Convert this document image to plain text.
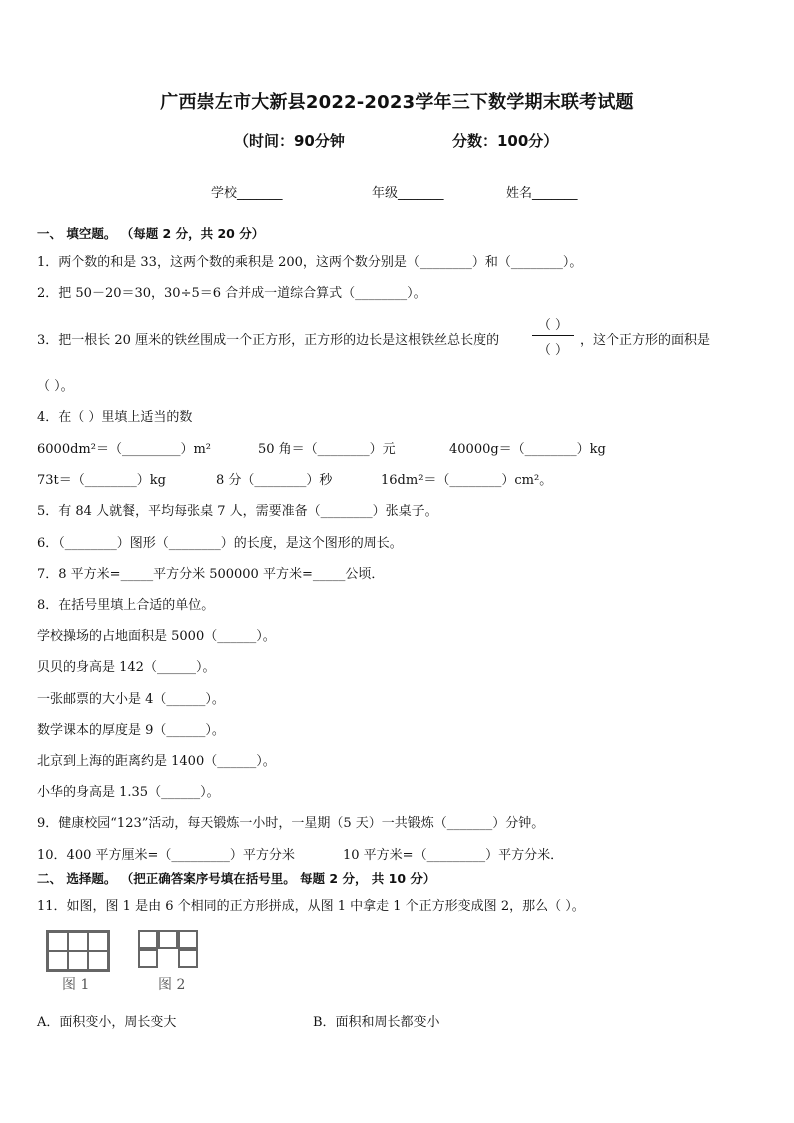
广西崇左市大新县2022-2023学年三下数学期末联考试题
（时间：90分钟	分数：100分）
学校_______	年级_______	姓名_______
一、 填空题。 （每题 2 分，共 20 分）
1．两个数的和是 33，这两个数的乘积是 200，这两个数分别是（________）和（________）。
2．把 50－20＝30，30÷5＝6 合并成一道综合算式（________）。
3．把一根长 20 厘米的铁丝围成一个正方形，正方形的边长是这根铁丝总长度的
（ ）
（ ）
，这个正方形的面积是
（ ）。
4．在（ ）里填上适当的数
6000dm²＝（_________）m²	50 角＝（________）元	40000g＝（________）kg
73t＝（________）kg	8 分（________）秒	16dm²＝（________）cm²。
5．有 84 人就餐，平均每张桌 7 人，需要准备（________）张桌子。
6．（________）图形（________）的长度，是这个图形的周长。
7．8 平方米=_____平方分米 500000 平方米=_____公顷．
8．在括号里填上合适的单位。
学校操场的占地面积是 5000（______）。
贝贝的身高是 142（______）。
一张邮票的大小是 4（______）。
数学课本的厚度是 9（______）。
北京到上海的距离约是 1400（______）。
小华的身高是 1.35（______）。
9．健康校园“123”活动，每天锻炼一小时，一星期（5 天）一共锻炼（_______）分钟。
10．400 平方厘米=（_________）平方分米	10 平方米=（_________）平方分米．
二、 选择题。 （把正确答案序号填在括号里。 每题 2 分， 共 10 分）
11．如图，图 1 是由 6 个相同的正方形拼成，从图 1 中拿走 1 个正方形变成图 2，那么（ ）。
图 1	图 2
A．面积变小，周长变大	B．面积和周长都变小
